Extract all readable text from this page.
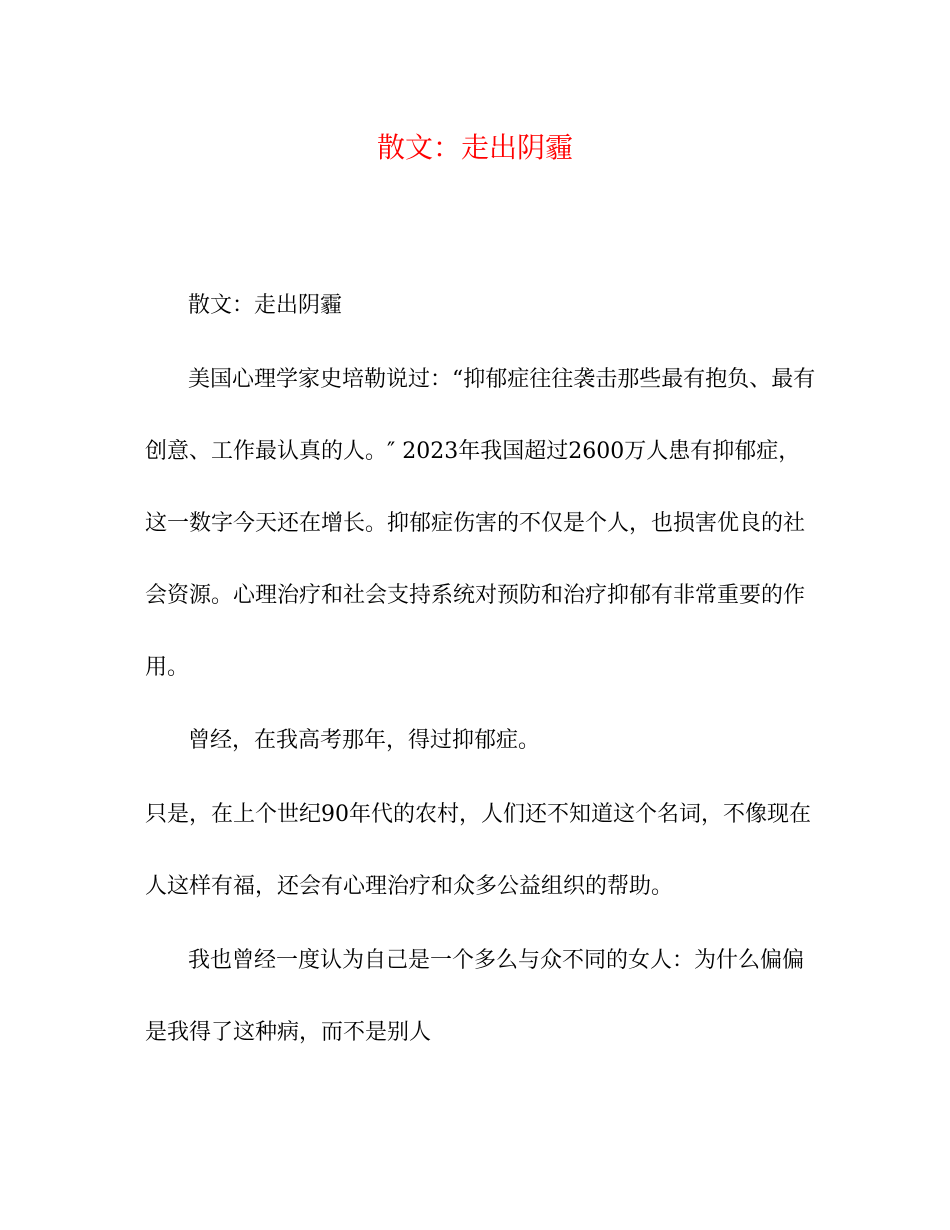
散文：走出阴霾

散文：走出阴霾

美国心理学家史培勒说过：“抑郁症往往袭击那些最有抱负、最有

创意、工作最认真的人。″ 2023年我国超过2600万人患有抑郁症，

这一数字今天还在增长。抑郁症伤害的不仅是个人，也损害优良的社

会资源。心理治疗和社会支持系统对预防和治疗抑郁有非常重要的作

用。

曾经，在我高考那年，得过抑郁症。

只是，在上个世纪90年代的农村，人们还不知道这个名词，不像现在

人这样有福，还会有心理治疗和众多公益组织的帮助。

我也曾经一度认为自己是一个多么与众不同的女人：为什么偏偏

是我得了这种病，而不是别人
